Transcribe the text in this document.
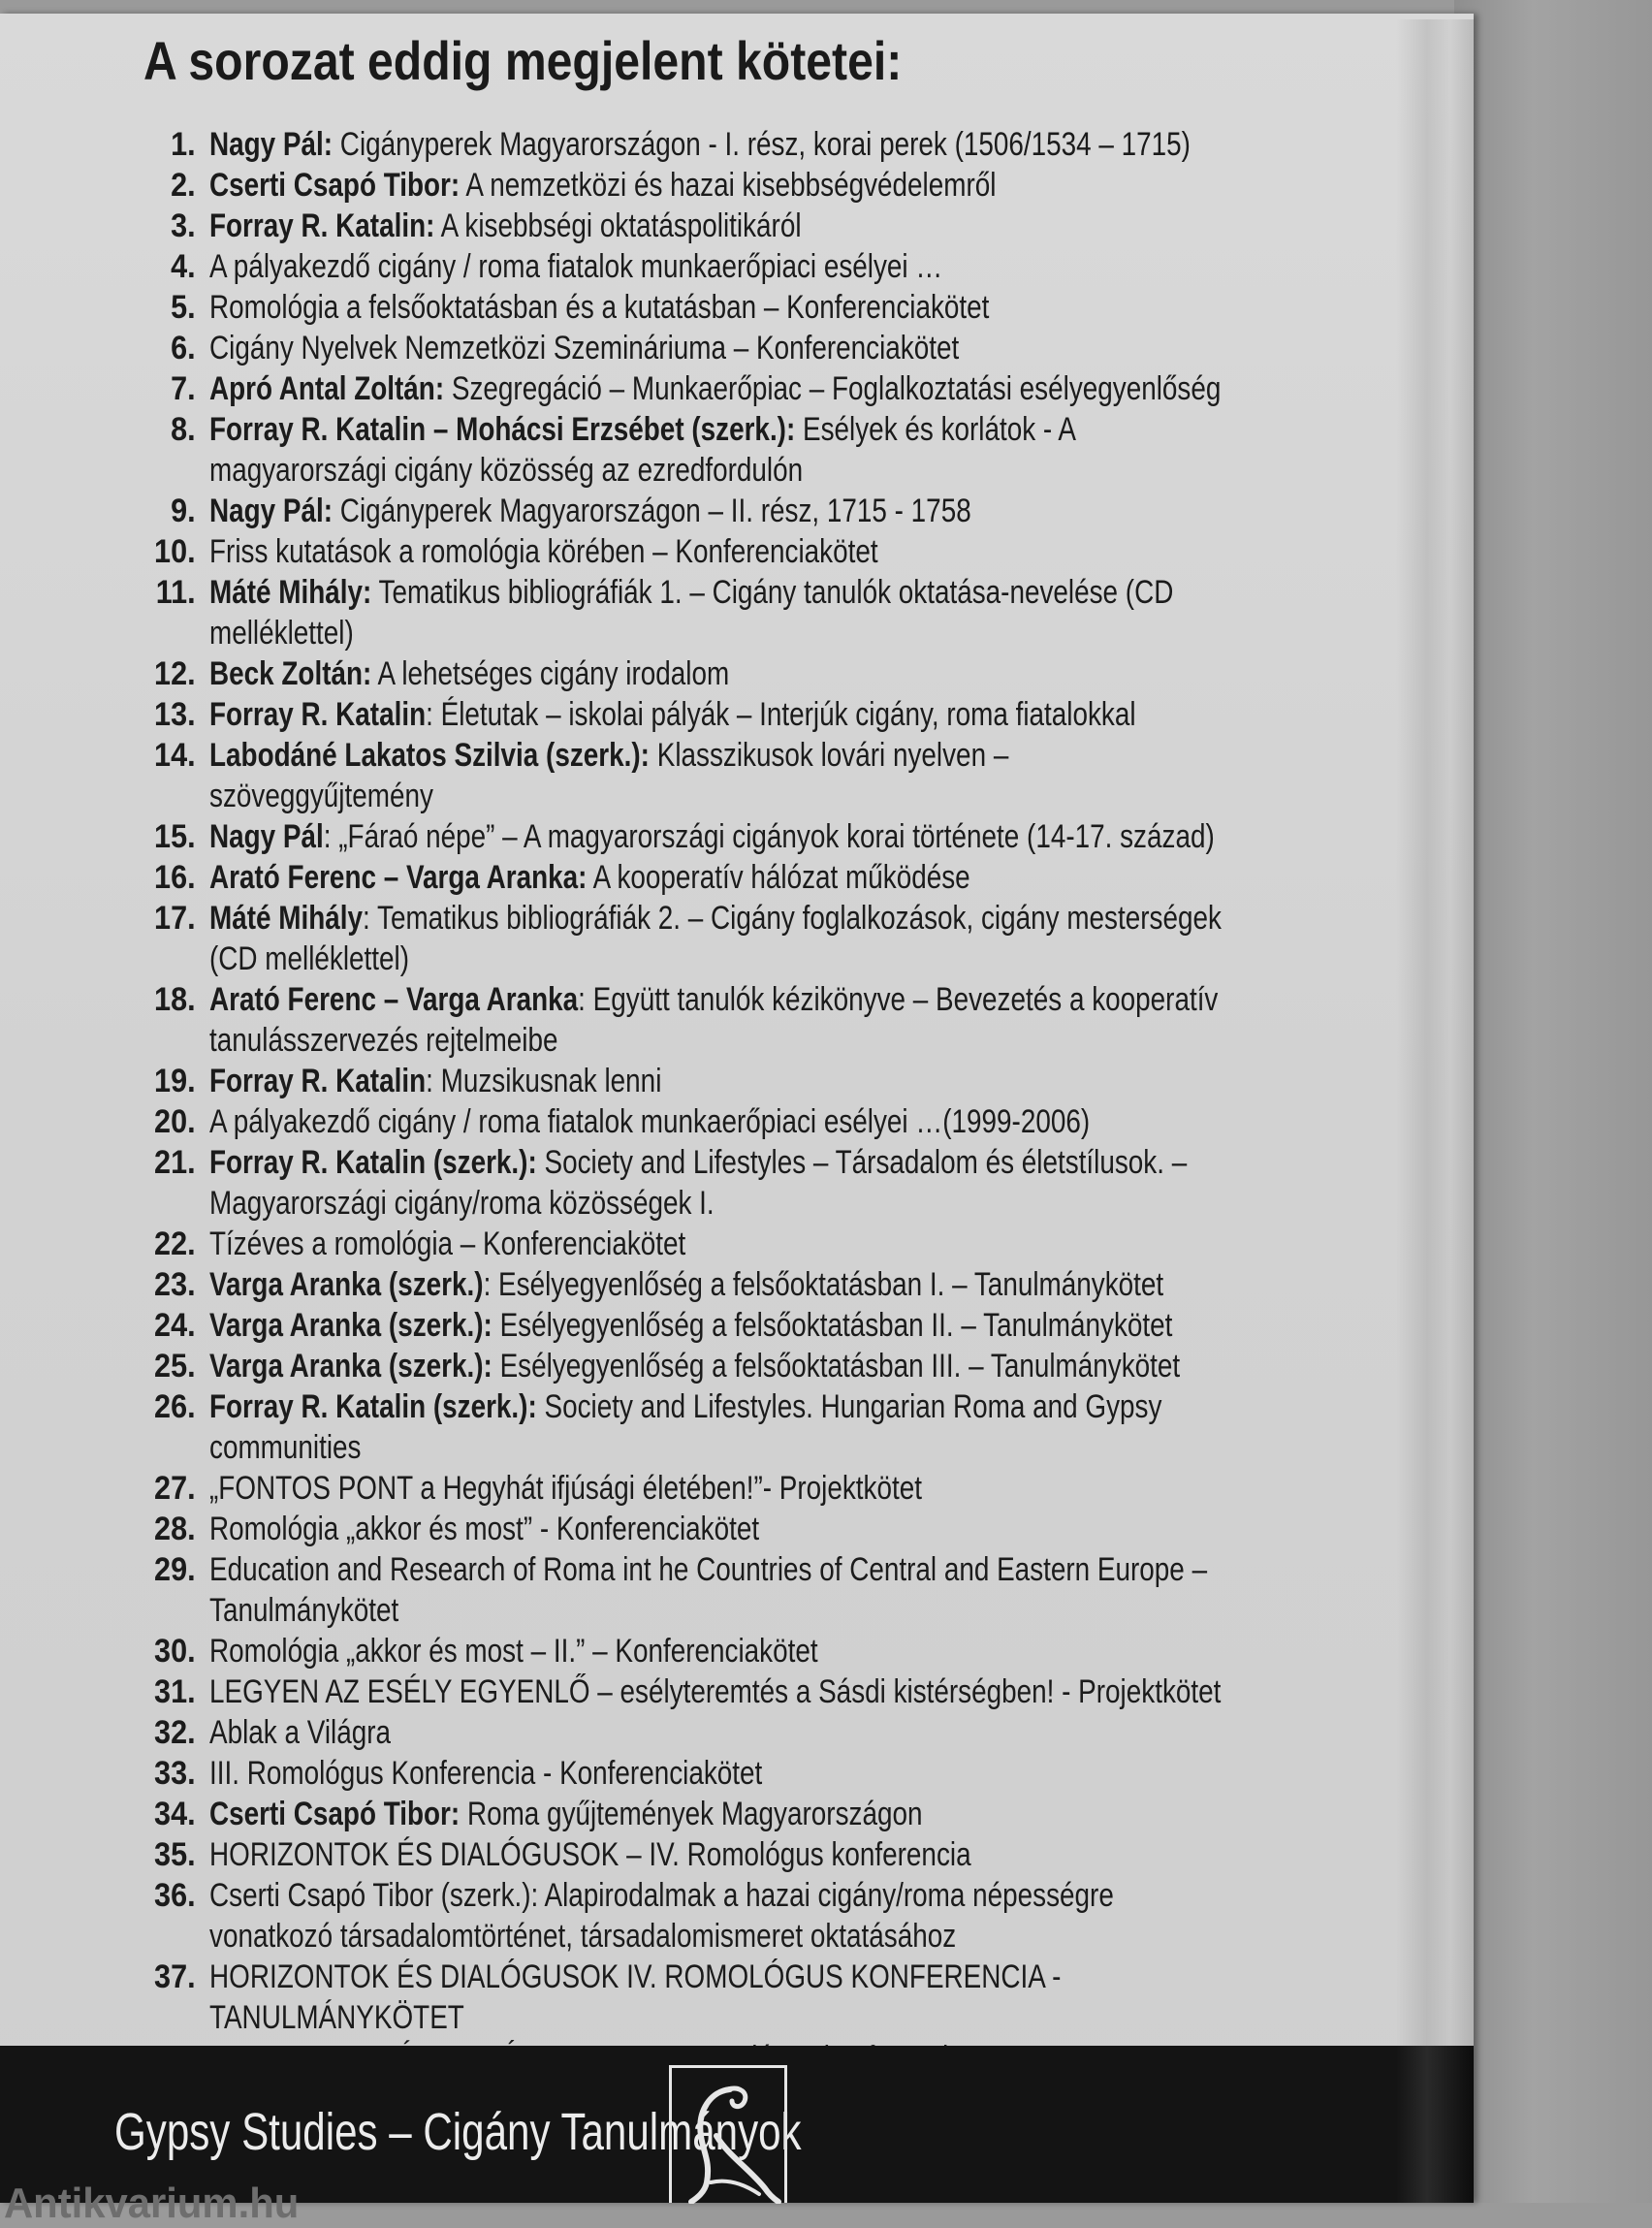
A sorozat eddig megjelent kötetei:
1. Nagy Pál: Cigányperek Magyarországon - I. rész, korai perek (1506/1534 – 1715)
2. Cserti Csapó Tibor: A nemzetközi és hazai kisebbségvédelemről
3. Forray R. Katalin: A kisebbségi oktatáspolitikáról
4. A pályakezdő cigány / roma fiatalok munkaerőpiaci esélyei …
5. Romológia a felsőoktatásban és a kutatásban – Konferenciakötet
6. Cigány Nyelvek Nemzetközi Szemináriuma – Konferenciakötet
7. Apró Antal Zoltán: Szegregáció – Munkaerőpiac – Foglalkoztatási esélyegyenlőség
8. Forray R. Katalin – Mohácsi Erzsébet (szerk.): Esélyek és korlátok - A magyarországi cigány közösség az ezredfordulón
9. Nagy Pál: Cigányperek Magyarországon – II. rész, 1715 - 1758
10. Friss kutatások a romológia körében – Konferenciakötet
11. Máté Mihály: Tematikus bibliográfiák 1. – Cigány tanulók oktatása-nevelése (CD melléklettel)
12. Beck Zoltán: A lehetséges cigány irodalom
13. Forray R. Katalin: Életutak – iskolai pályák – Interjúk cigány, roma fiatalokkal
14. Labodáné Lakatos Szilvia (szerk.): Klasszikusok lovári nyelven – szöveggyűjtemény
15. Nagy Pál: „Fáraó népe” – A magyarországi cigányok korai története (14-17. század)
16. Arató Ferenc – Varga Aranka: A kooperatív hálózat működése
17. Máté Mihály: Tematikus bibliográfiák 2. – Cigány foglalkozások, cigány mesterségek (CD melléklettel)
18. Arató Ferenc – Varga Aranka: Együtt tanulók kézikönyve – Bevezetés a kooperatív tanulásszervezés rejtelmeibe
19. Forray R. Katalin: Muzsikusnak lenni
20. A pályakezdő cigány / roma fiatalok munkaerőpiaci esélyei …(1999-2006)
21. Forray R. Katalin (szerk.): Society and Lifestyles – Társadalom és életstílusok. – Magyarországi cigány/roma közösségek I.
22. Tízéves a romológia – Konferenciakötet
23. Varga Aranka (szerk.): Esélyegyenlőség a felsőoktatásban I. – Tanulmánykötet
24. Varga Aranka (szerk.): Esélyegyenlőség a felsőoktatásban II. – Tanulmánykötet
25. Varga Aranka (szerk.): Esélyegyenlőség a felsőoktatásban III. – Tanulmánykötet
26. Forray R. Katalin (szerk.): Society and Lifestyles. Hungarian Roma and Gypsy communities
27. „FONTOS PONT a Hegyhát ifjúsági életében!”- Projektkötet
28. Romológia „akkor és most” - Konferenciakötet
29. Education and Research of Roma int he Countries of Central and Eastern Europe – Tanulmánykötet
30. Romológia „akkor és most – II.” – Konferenciakötet
31. LEGYEN AZ ESÉLY EGYENLŐ – esélyteremtés a Sásdi kistérségben! - Projektkötet
32. Ablak a Világra
33. III. Romológus Konferencia - Konferenciakötet
34. Cserti Csapó Tibor: Roma gyűjtemények Magyarországon
35. HORIZONTOK ÉS DIALÓGUSOK – IV. Romológus konferencia
36. Cserti Csapó Tibor (szerk.): Alapirodalmak a hazai cigány/roma népességre vonatkozó társadalomtörténet, társadalomismeret oktatásához
37. HORIZONTOK ÉS DIALÓGUSOK IV. ROMOLÓGUS KONFERENCIA - TANULMÁNYKÖTET

Gypsy Studies – Cigány Tanulmányok

Antikvarium.hu
